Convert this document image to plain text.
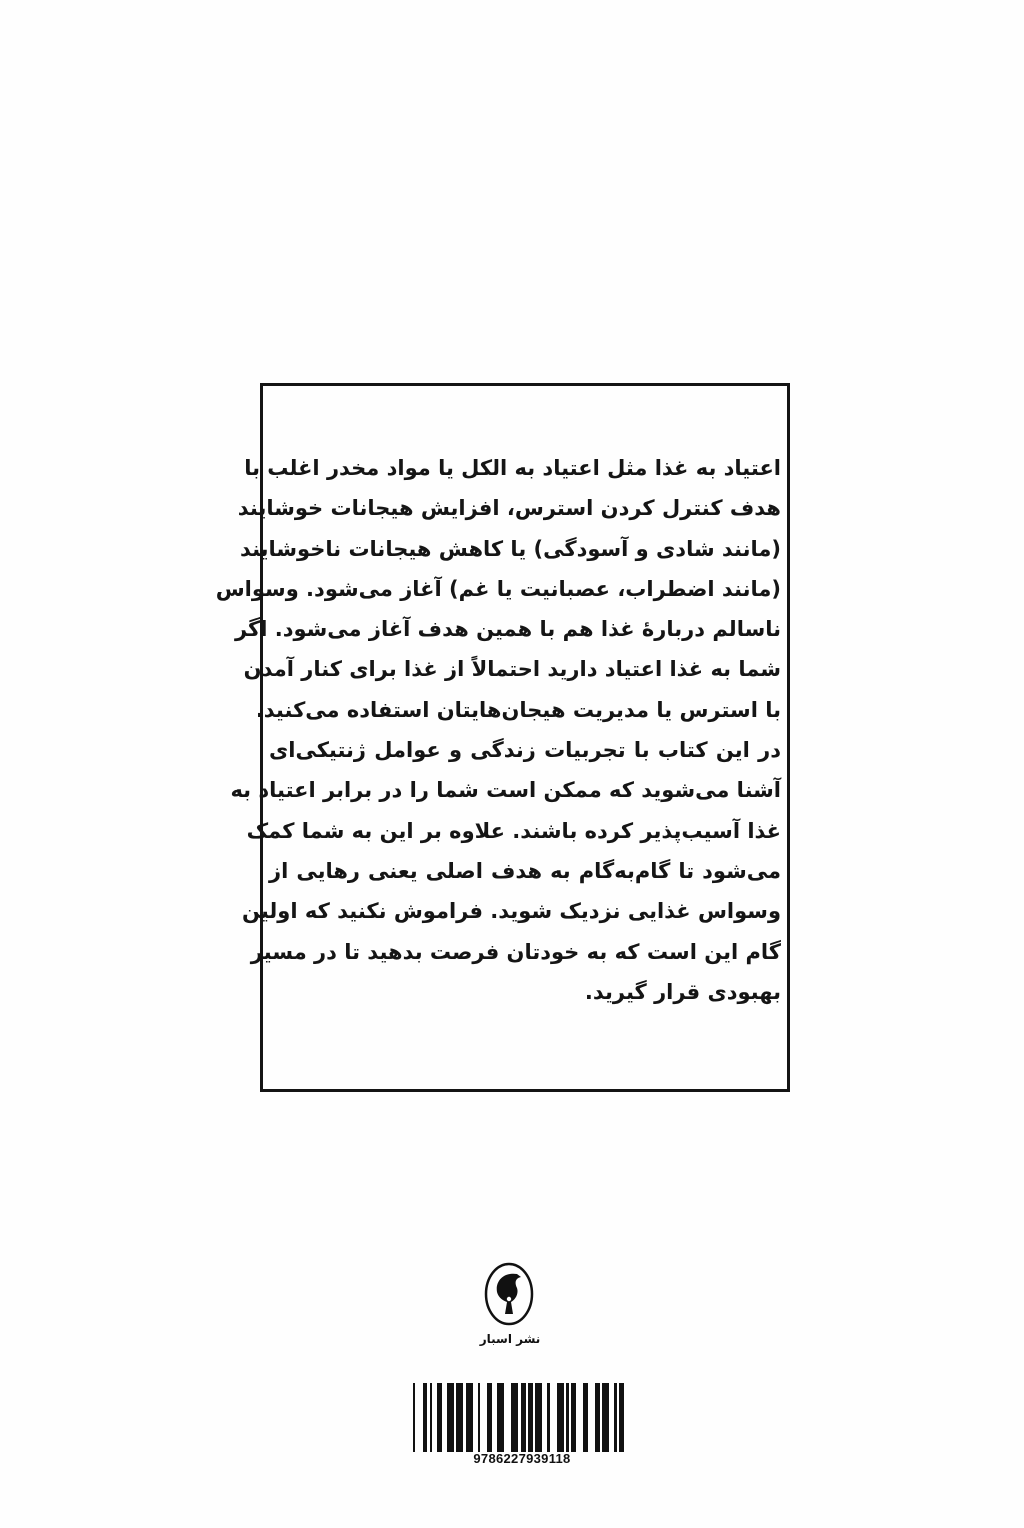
اعتیاد به غذا مثل اعتیاد به الکل یا مواد مخدر اغلب با
هدف کنترل کردن استرس، افزایش هیجانات خوشایند
(مانند شادی و آسودگی) یا کاهش هیجانات ناخوشایند
(مانند اضطراب، عصبانیت یا غم) آغاز می‌شود. وسواس
ناسالم دربارهٔ غذا هم با همین هدف آغاز می‌شود. اگر
شما به غذا اعتیاد دارید احتمالاً از غذا برای کنار آمدن
با استرس یا مدیریت هیجان‌هایتان استفاده می‌کنید.
در این کتاب با تجربیات زندگی و عوامل ژنتیکی‌ای
آشنا می‌شوید که ممکن است شما را در برابر اعتیاد به
غذا آسیب‌پذیر کرده باشند. علاوه بر این به شما کمک
می‌شود تا گام‌به‌گام به هدف اصلی یعنی رهایی از
وسواس غذایی نزدیک شوید. فراموش نکنید که اولین
گام این است که به خودتان فرصت بدهید تا در مسیر
بهبودی قرار گیرید.
نشر اسبار
9786227939118
